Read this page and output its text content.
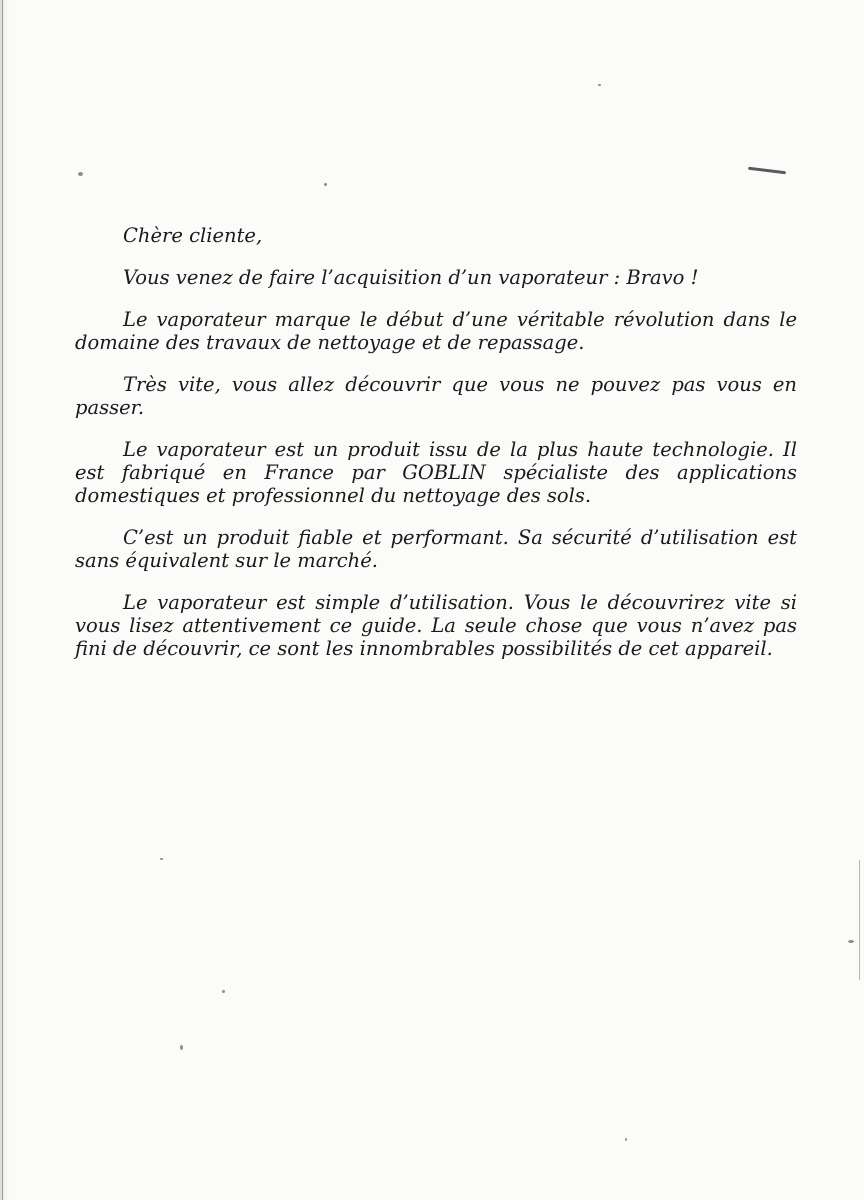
Chère cliente,

Vous venez de faire l’acquisition d’un vaporateur : Bravo !

Le vaporateur marque le début d’une véritable révolution dans le domaine des travaux de nettoyage et de repassage.

Très vite, vous allez découvrir que vous ne pouvez pas vous en passer.

Le vaporateur est un produit issu de la plus haute technologie. Il est fabriqué en France par GOBLIN spécialiste des applications domestiques et professionnel du nettoyage des sols.

C’est un produit fiable et performant. Sa sécurité d’utilisation est sans équivalent sur le marché.

Le vaporateur est simple d’utilisation. Vous le découvrirez vite si vous lisez attentivement ce guide. La seule chose que vous n’avez pas fini de découvrir, ce sont les innombrables possibilités de cet appareil.
